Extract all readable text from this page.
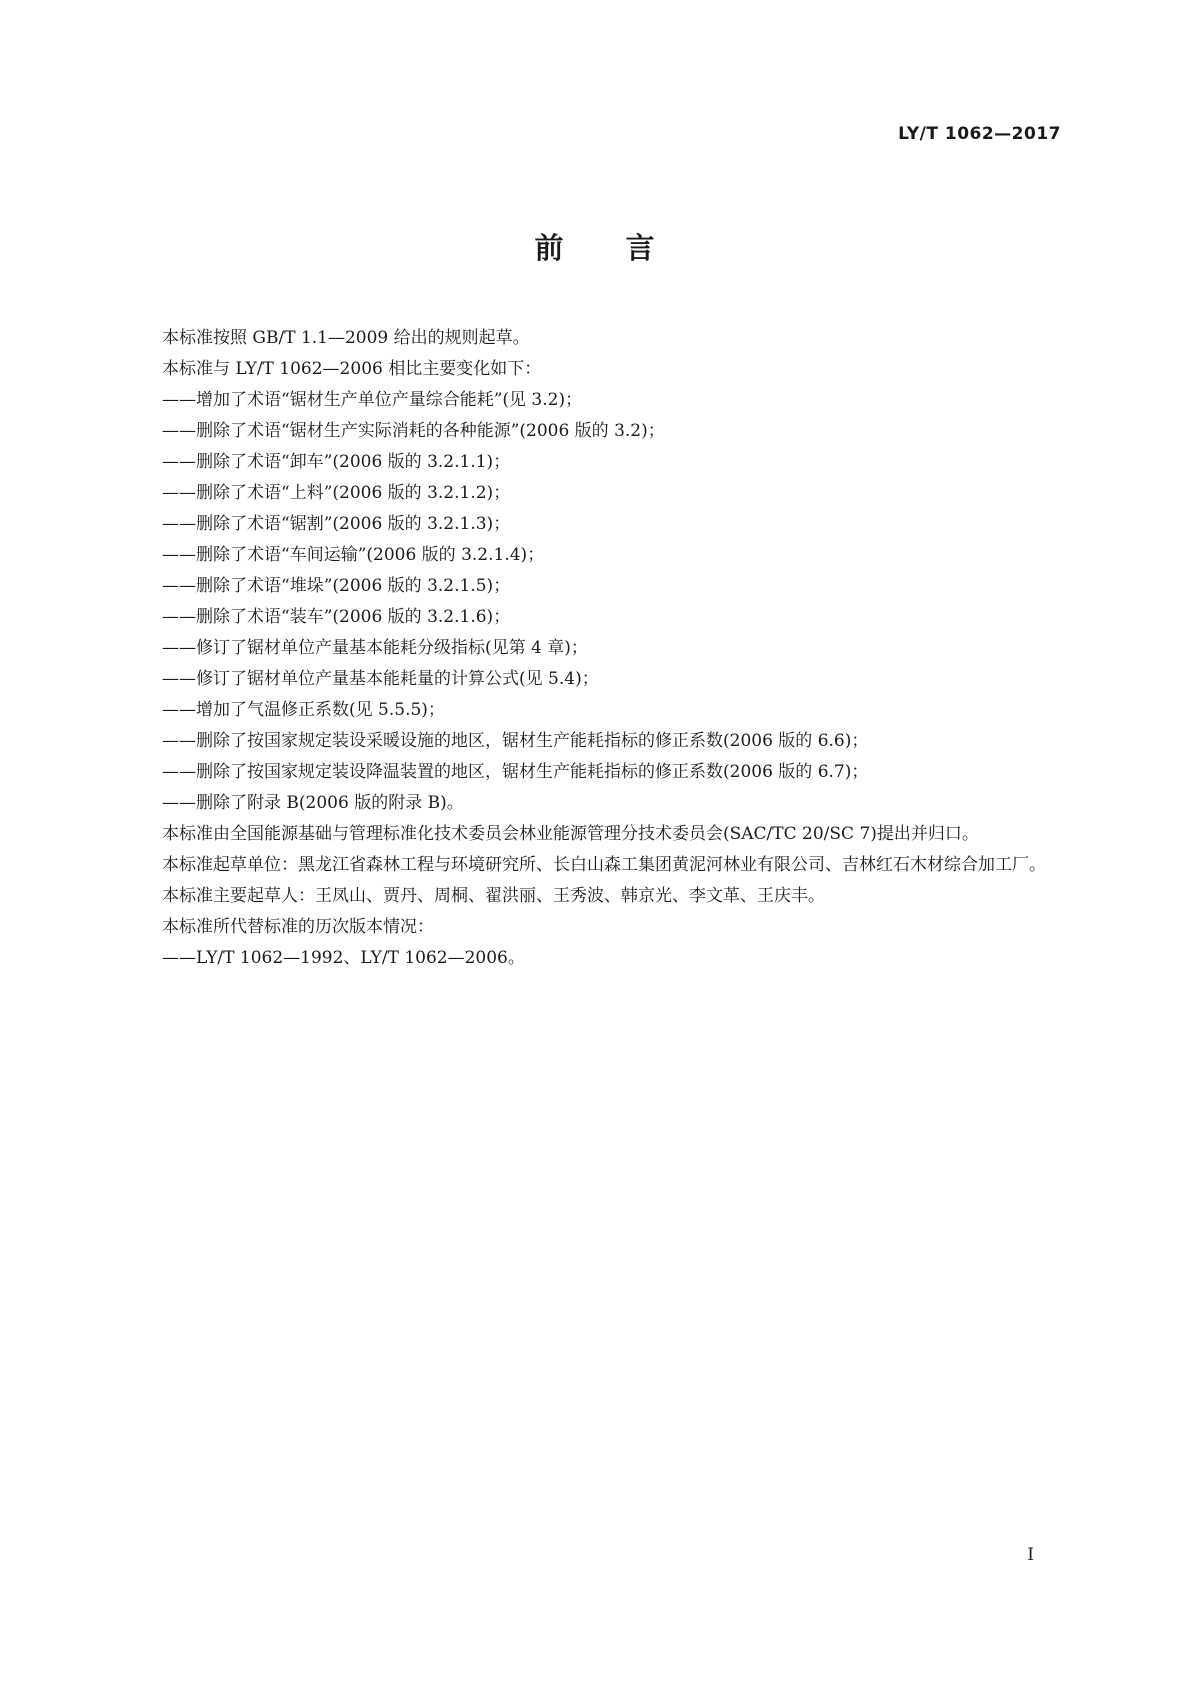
LY/T 1062—2017
前 言

本标准按照 GB/T 1.1—2009 给出的规则起草。

本标准与 LY/T 1062—2006 相比主要变化如下：

——增加了术语“锯材生产单位产量综合能耗”(见 3.2)；

——删除了术语“锯材生产实际消耗的各种能源”(2006 版的 3.2)；

——删除了术语“卸车”(2006 版的 3.2.1.1)；

——删除了术语“上料”(2006 版的 3.2.1.2)；

——删除了术语“锯割”(2006 版的 3.2.1.3)；

——删除了术语“车间运输”(2006 版的 3.2.1.4)；

——删除了术语“堆垛”(2006 版的 3.2.1.5)；

——删除了术语“装车”(2006 版的 3.2.1.6)；

——修订了锯材单位产量基本能耗分级指标(见第 4 章)；

——修订了锯材单位产量基本能耗量的计算公式(见 5.4)；

——增加了气温修正系数(见 5.5.5)；

——删除了按国家规定装设采暖设施的地区，锯材生产能耗指标的修正系数(2006 版的 6.6)；

——删除了按国家规定装设降温装置的地区，锯材生产能耗指标的修正系数(2006 版的 6.7)；

——删除了附录 B(2006 版的附录 B)。

本标准由全国能源基础与管理标准化技术委员会林业能源管理分技术委员会(SAC/TC 20/SC 7)提出并归口。

本标准起草单位：黑龙江省森林工程与环境研究所、长白山森工集团黄泥河林业有限公司、吉林红石木材综合加工厂。

本标准主要起草人：王凤山、贾丹、周桐、翟洪丽、王秀波、韩京光、李文革、王庆丰。

本标准所代替标准的历次版本情况：

——LY/T 1062—1992、LY/T 1062—2006。

I
